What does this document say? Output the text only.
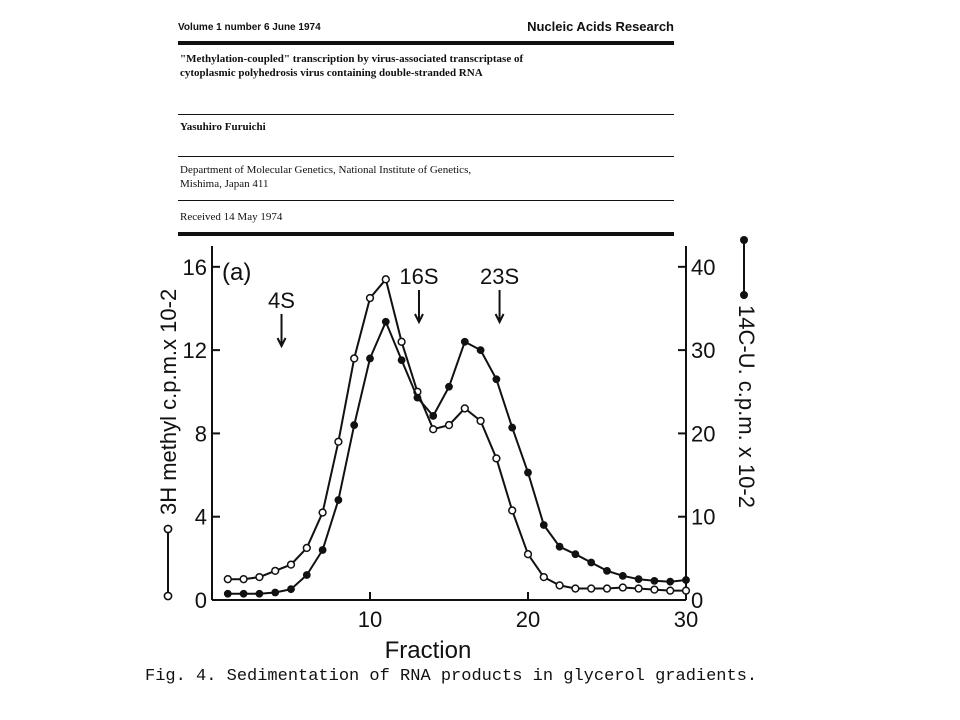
Volume 1 number 6 June 1974	Nucleic Acids Research
"Methylation-coupled" transcription by virus-associated transcriptase of
cytoplasmic polyhedrosis virus containing double-stranded RNA
Yasuhiro Furuichi
Department of Molecular Genetics, National Institute of Genetics,
Mishima, Japan 411
Received 14 May 1974
10	20	30
0
4
8
12
16
0
10
20
30
40
4S
16S 23S
(a)
Fraction
3H methyl c.p.m.x 10-2	14C-U. c.p.m. x 10-2
Fig. 4. Sedimentation of RNA products in glycerol gradients.
